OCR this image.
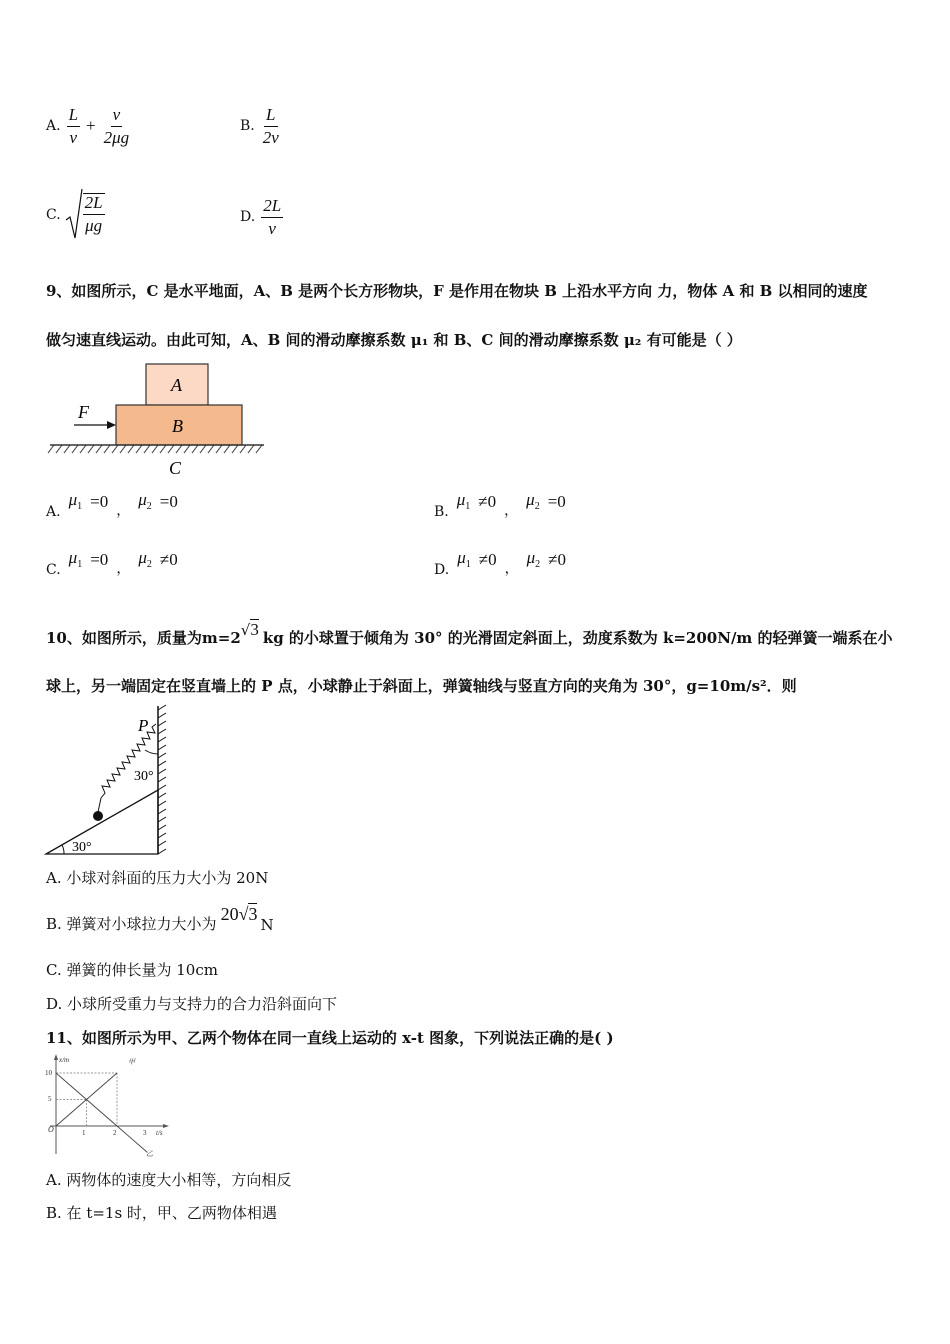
A. $\frac{L}{v} + \frac{v}{2\mu g}$	B. $\frac{L}{2v}$
C. $\frac{2L}{\mu g}$	D. $\frac{2L}{v}$
9、如图所示，C 是水平地面，A、B 是两个长方形物块，F 是作用在物块 B 上沿水平方向 力，物体 A 和 B 以相同的速度
做匀速直线运动。由此可知，A、B 间的滑动摩擦系数 μ₁ 和 B、C 间的滑动摩擦系数 μ₂ 有可能是（ ）
A
B
C
F
A.
$\mu_1 =0$ ，
$\mu_2 =0$
B.
$\mu_1 \ne 0$ ，
$\mu_2 =0$
C.
$\mu_1 =0$ ，
$\mu_2 \ne 0$
D.
$\mu_1 \ne 0$ ，
$\mu_2 \ne 0$
10、如图所示，质量为m=2 √ 3 kg 的小球置于倾角为 30° 的光滑固定斜面上，劲度系数为 k=200N/m 的轻弹簧一端系在小
球上，另一端固定在竖直墙上的 P 点，小球静止于斜面上，弹簧轴线与竖直方向的夹角为 30°，g=10m/s²．则
P
30°
30°
A. 小球对斜面的压力大小为 20N
B. 弹簧对小球拉力大小为 20√3
N
C. 弹簧的伸长量为 10cm
D. 小球所受重力与支持力的合力沿斜面向下
11、如图所示为甲、乙两个物体在同一直线上运动的 x-t 图象，下列说法正确的是( )
x/m
t/s
O
10
5
1	2	3
甲
乙
A. 两物体的速度大小相等，方向相反
B. 在 t=1s 时，甲、乙两物体相遇
